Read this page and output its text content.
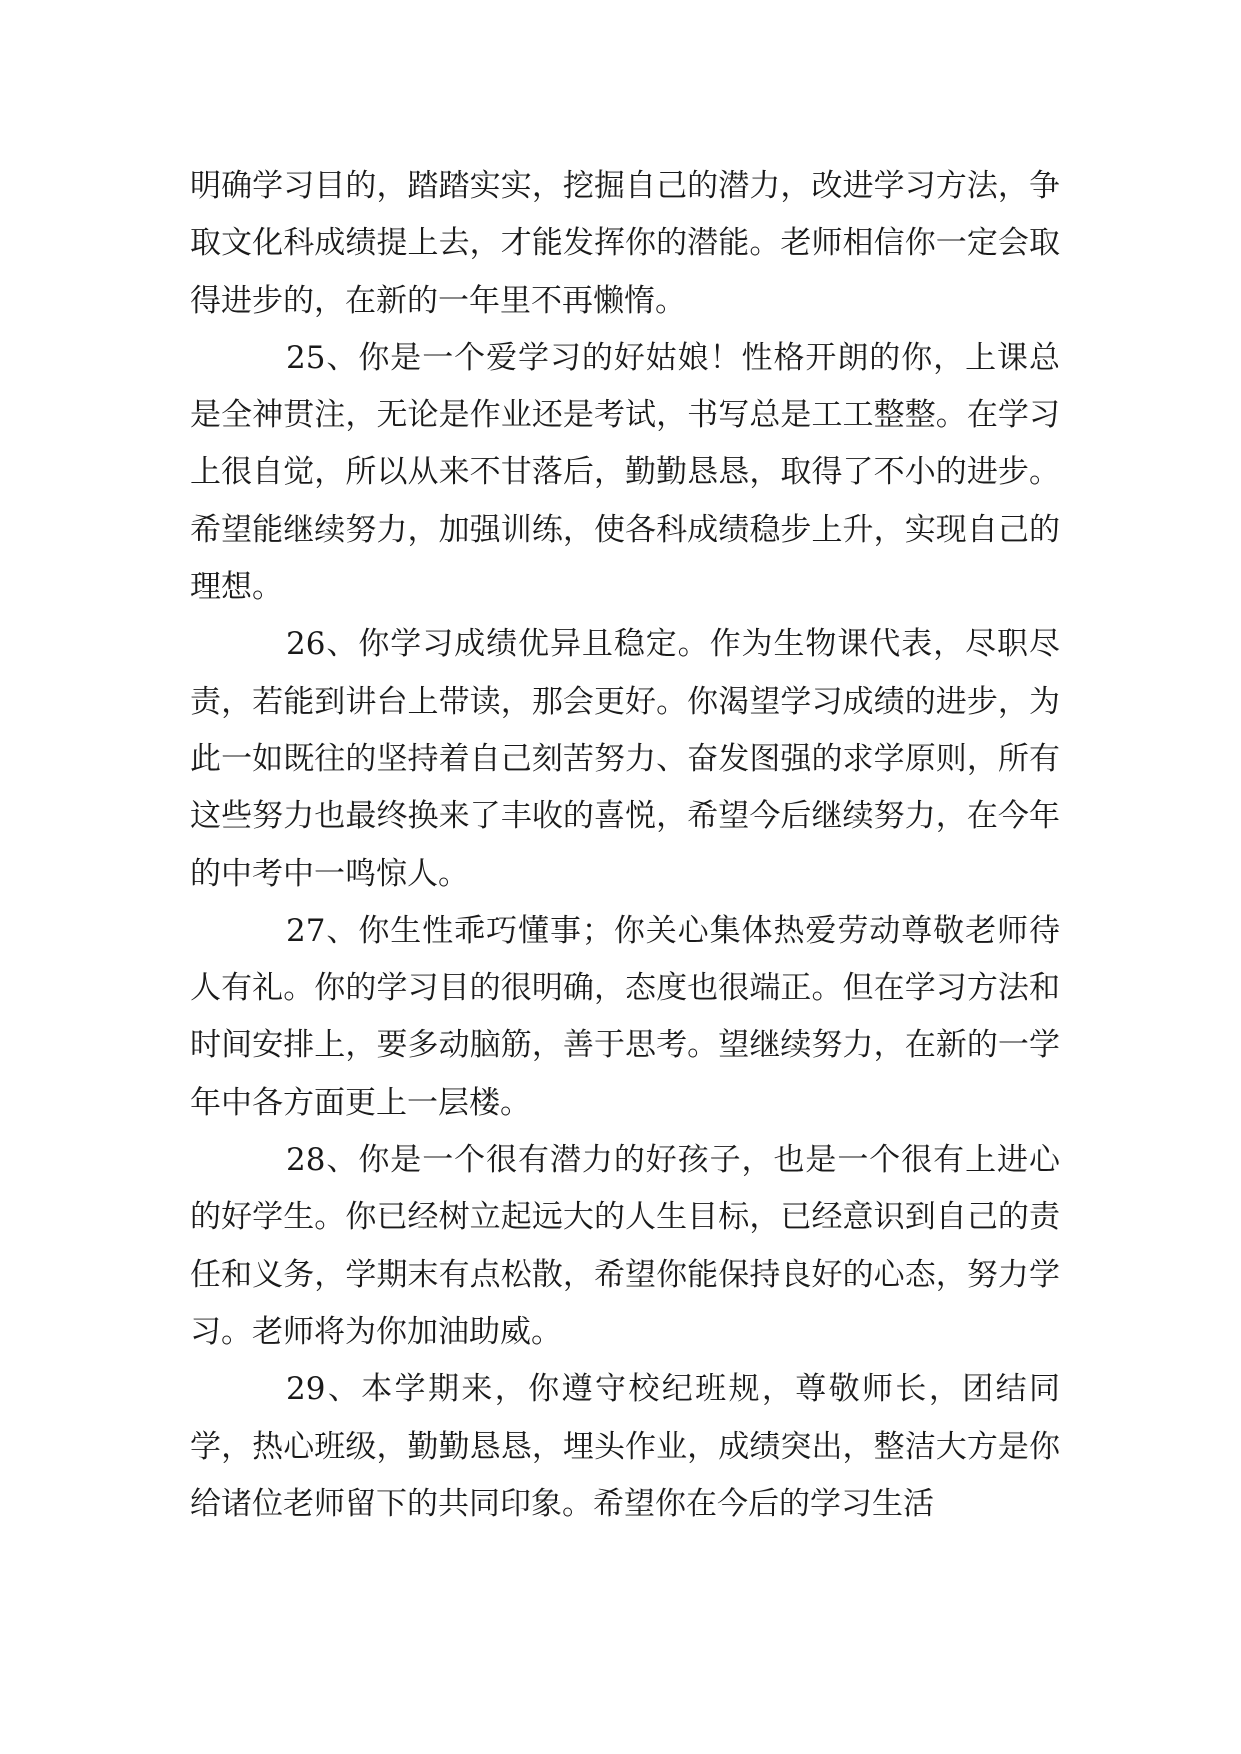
明确学习目的，踏踏实实，挖掘自己的潜力，改进学习方法，争取文化科成绩提上去，才能发挥你的潜能。老师相信你一定会取得进步的，在新的一年里不再懒惰。

25、你是一个爱学习的好姑娘！性格开朗的你，上课总是全神贯注，无论是作业还是考试，书写总是工工整整。在学习上很自觉，所以从来不甘落后，勤勤恳恳，取得了不小的进步。希望能继续努力，加强训练，使各科成绩稳步上升，实现自己的理想。

26、你学习成绩优异且稳定。作为生物课代表，尽职尽责，若能到讲台上带读，那会更好。你渴望学习成绩的进步，为此一如既往的坚持着自己刻苦努力、奋发图强的求学原则，所有这些努力也最终换来了丰收的喜悦，希望今后继续努力，在今年的中考中一鸣惊人。

27、你生性乖巧懂事；你关心集体热爱劳动尊敬老师待人有礼。你的学习目的很明确，态度也很端正。但在学习方法和时间安排上，要多动脑筋，善于思考。望继续努力，在新的一学年中各方面更上一层楼。

28、你是一个很有潜力的好孩子，也是一个很有上进心的好学生。你已经树立起远大的人生目标，已经意识到自己的责任和义务，学期末有点松散，希望你能保持良好的心态，努力学习。老师将为你加油助威。

29、本学期来，你遵守校纪班规，尊敬师长，团结同学，热心班级，勤勤恳恳，埋头作业，成绩突出，整洁大方是你给诸位老师留下的共同印象。希望你在今后的学习生活
